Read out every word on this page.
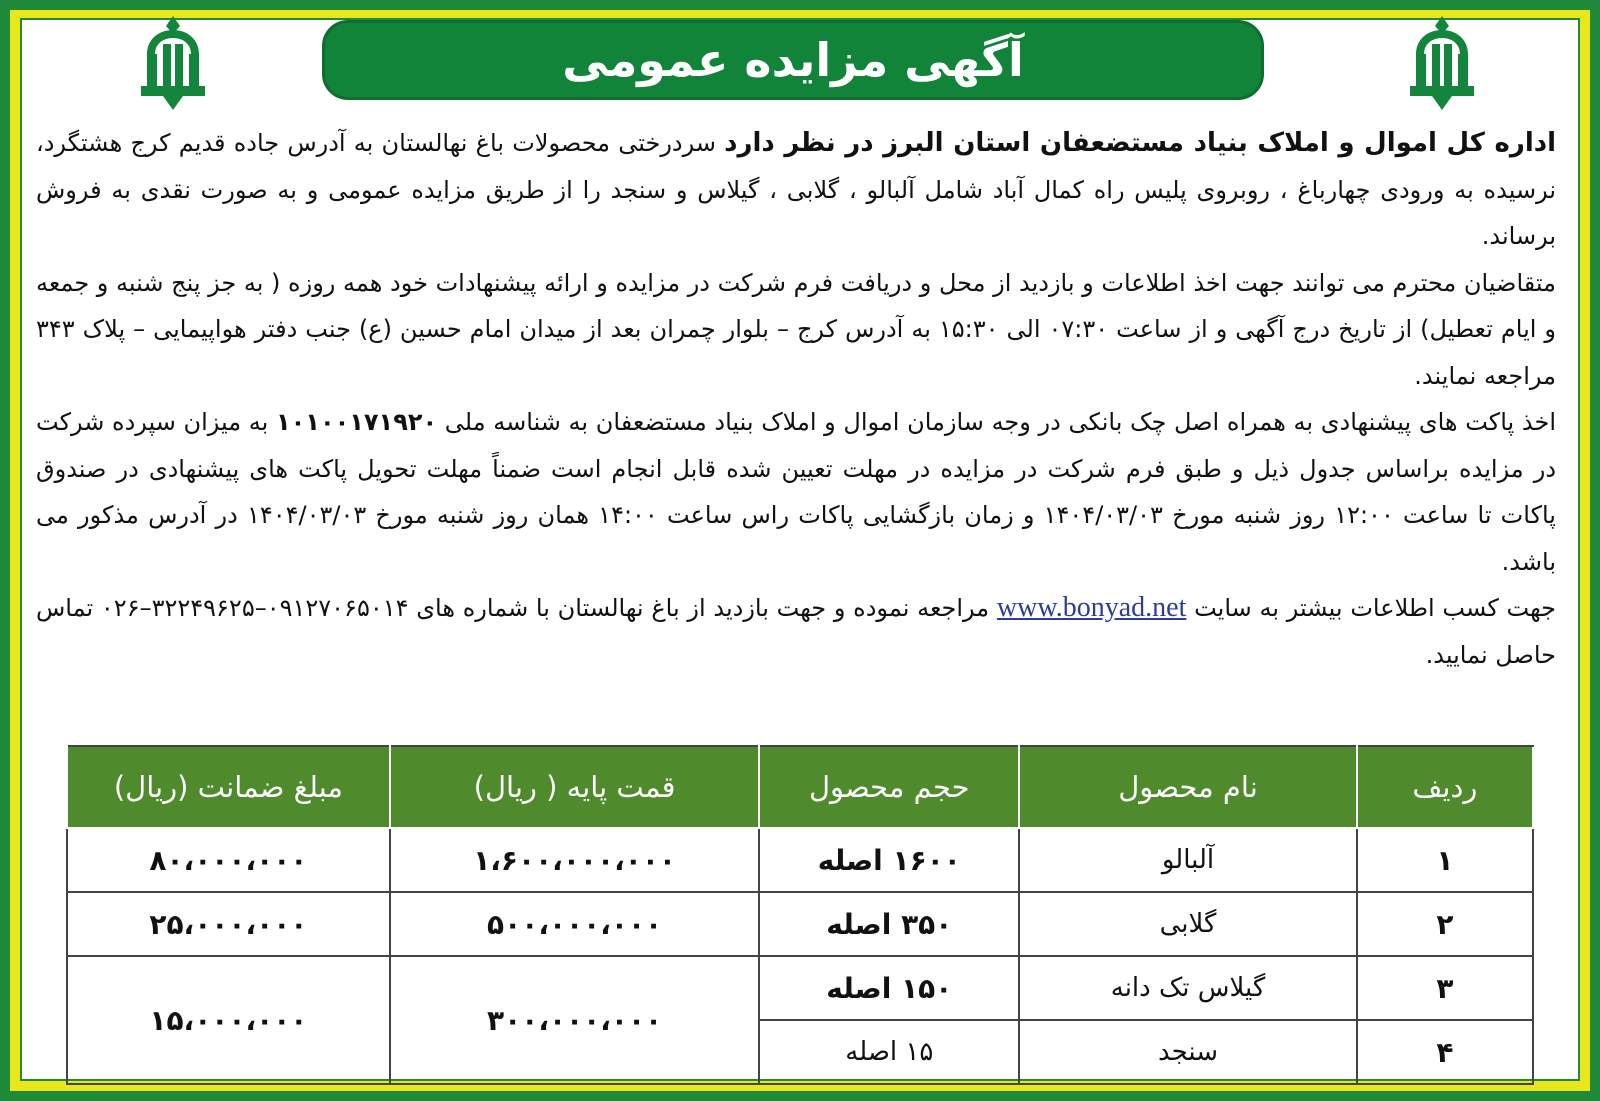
آگهی مزایده عمومی

اداره کل اموال و املاک بنیاد مستضعفان استان البرز در نظر دارد سردرختی محصولات باغ نهالستان به آدرس جاده قدیم کرج هشتگرد، نرسیده به ورودی چهارباغ ، روبروی پلیس راه کمال آباد شامل آلبالو ، گلابی ، گیلاس و سنجد را از طریق مزایده عمومی و به صورت نقدی به فروش برساند.

متقاضیان محترم می توانند جهت اخذ اطلاعات و بازدید از محل و دریافت فرم شرکت در مزایده و ارائه پیشنهادات خود همه روزه ( به جز پنج شنبه و جمعه و ایام تعطیل) از تاریخ درج آگهی و از ساعت ۰۷:۳۰ الی ۱۵:۳۰ به آدرس کرج – بلوار چمران بعد از میدان امام حسین (ع) جنب دفتر هواپیمایی – پلاک ۳۴۳ مراجعه نمایند.

اخذ پاکت های پیشنهادی به همراه اصل چک بانکی در وجه سازمان اموال و املاک بنیاد مستضعفان به شناسه ملی ۱۰۱۰۰۱۷۱۹۲۰ به میزان سپرده شرکت در مزایده براساس جدول ذیل و طبق فرم شرکت در مزایده در مهلت تعیین شده قابل انجام است ضمناً مهلت تحویل پاکت های پیشنهادی در صندوق پاکات تا ساعت ۱۲:۰۰ روز شنبه مورخ ۱۴۰۴/۰۳/۰۳ و زمان بازگشایی پاکات راس ساعت ۱۴:۰۰ همان روز شنبه مورخ ۱۴۰۴/۰۳/۰۳ در آدرس مذکور می باشد.

جهت کسب اطلاعات بیشتر به سایت www.bonyad.net مراجعه نموده و جهت بازدید از باغ نهالستان با شماره های ۰۹۱۲۷۰۶۵۰۱۴–۳۲۲۴۹۶۲۵–۰۲۶ تماس حاصل نمایید.

ردیف	نام محصول	حجم محصول	قمت پایه ( ریال)	مبلغ ضمانت (ریال)
۱	آلبالو	۱۶۰۰ اصله	۱،۶۰۰،۰۰۰،۰۰۰	۸۰،۰۰۰،۰۰۰
۲	گلابی	۳۵۰ اصله	۵۰۰،۰۰۰،۰۰۰	۲۵،۰۰۰،۰۰۰
۳	گیلاس تک دانه	۱۵۰ اصله	۳۰۰،۰۰۰،۰۰۰	۱۵،۰۰۰،۰۰۰
۴	سنجد	۱۵ اصله		
